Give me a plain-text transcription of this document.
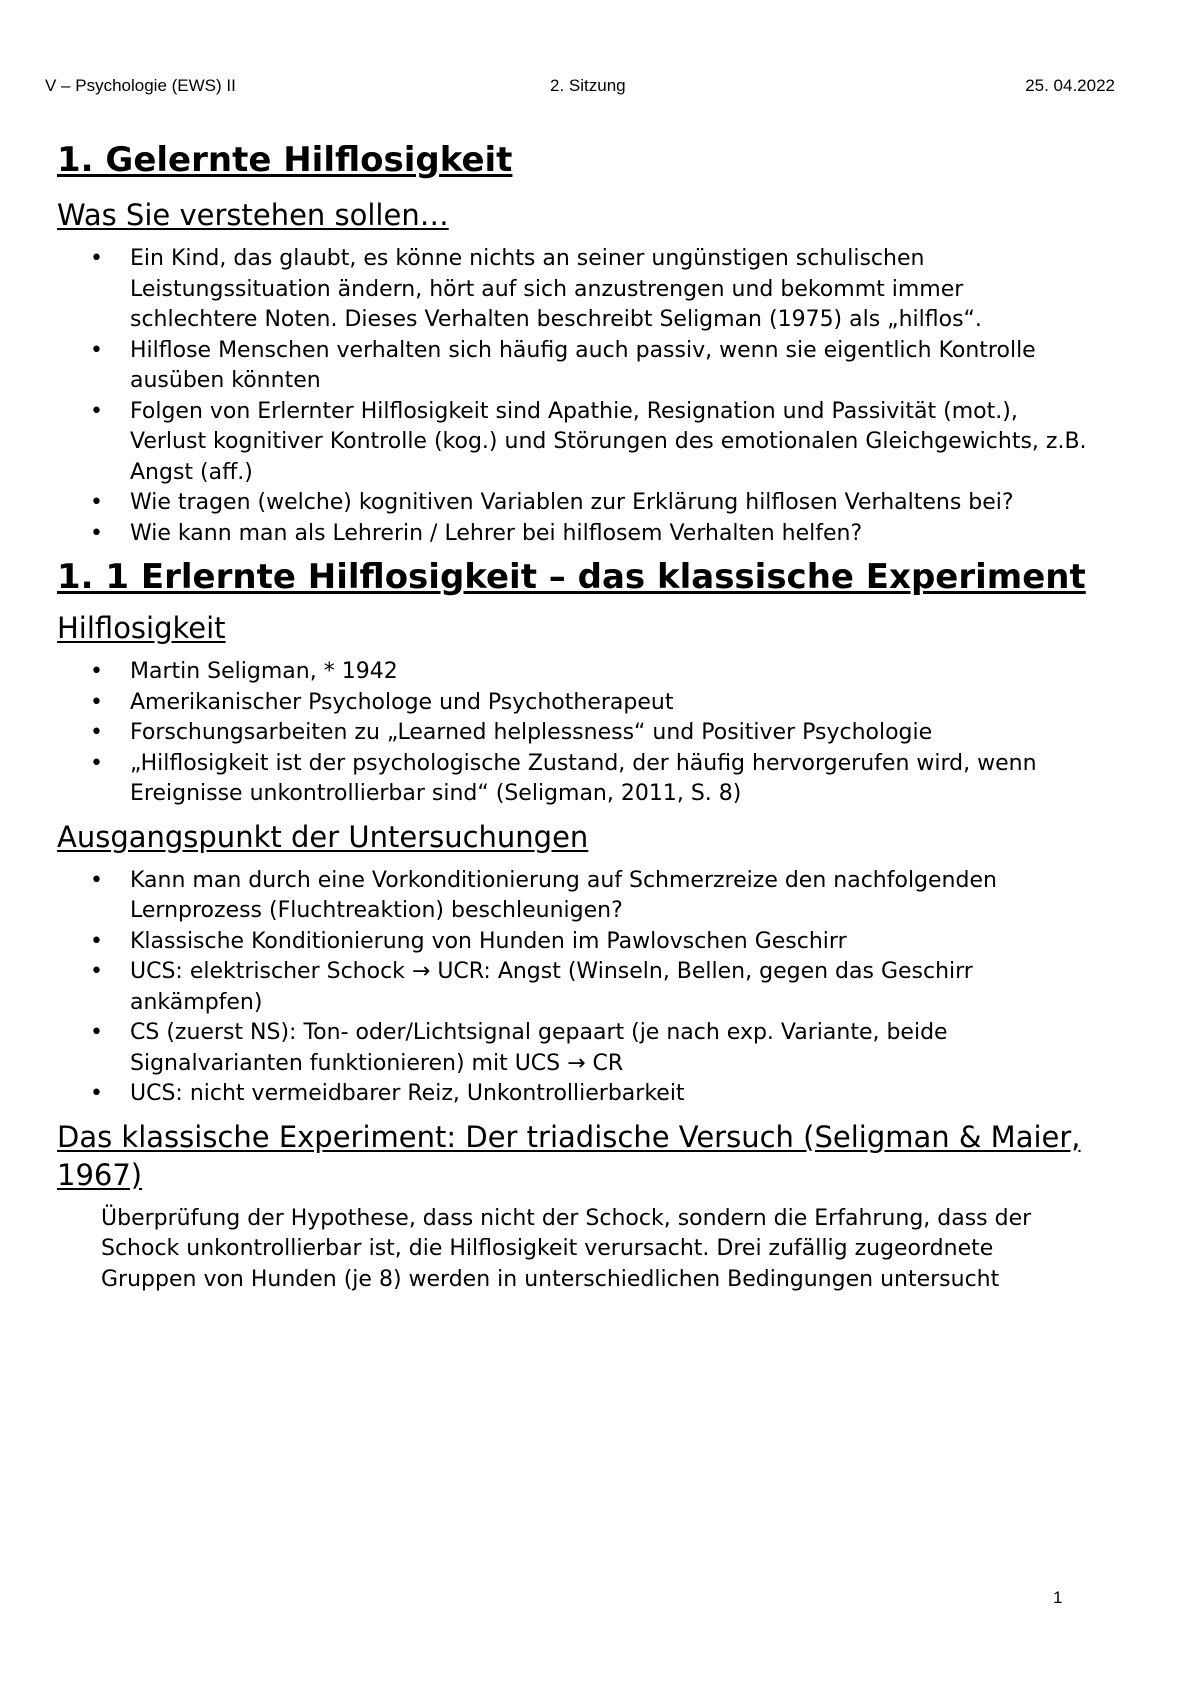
V – Psychologie (EWS) II	2. Sitzung	25. 04.2022
1. Gelernte Hilflosigkeit
Was Sie verstehen sollen…
• Ein Kind, das glaubt, es könne nichts an seiner ungünstigen schulischen Leistungssituation ändern, hört auf sich anzustrengen und bekommt immer schlechtere Noten. Dieses Verhalten beschreibt Seligman (1975) als „hilflos“.
• Hilflose Menschen verhalten sich häufig auch passiv, wenn sie eigentlich Kontrolle ausüben könnten
• Folgen von Erlernter Hilflosigkeit sind Apathie, Resignation und Passivität (mot.), Verlust kognitiver Kontrolle (kog.) und Störungen des emotionalen Gleichgewichts, z.B. Angst (aff.)
• Wie tragen (welche) kognitiven Variablen zur Erklärung hilflosen Verhaltens bei?
• Wie kann man als Lehrerin / Lehrer bei hilflosem Verhalten helfen?
1. 1 Erlernte Hilflosigkeit – das klassische Experiment
Hilflosigkeit
• Martin Seligman, * 1942
• Amerikanischer Psychologe und Psychotherapeut
• Forschungsarbeiten zu „Learned helplessness“ und Positiver Psychologie
• „Hilflosigkeit ist der psychologische Zustand, der häufig hervorgerufen wird, wenn Ereignisse unkontrollierbar sind“ (Seligman, 2011, S. 8)
Ausgangspunkt der Untersuchungen
• Kann man durch eine Vorkonditionierung auf Schmerzreize den nachfolgenden Lernprozess (Fluchtreaktion) beschleunigen?
• Klassische Konditionierung von Hunden im Pawlovschen Geschirr
• UCS: elektrischer Schock → UCR: Angst (Winseln, Bellen, gegen das Geschirr ankämpfen)
• CS (zuerst NS): Ton- oder/Lichtsignal gepaart (je nach exp. Variante, beide Signalvarianten funktionieren) mit UCS → CR
• UCS: nicht vermeidbarer Reiz, Unkontrollierbarkeit
Das klassische Experiment: Der triadische Versuch (Seligman & Maier, 1967)

Überprüfung der Hypothese, dass nicht der Schock, sondern die Erfahrung, dass der Schock unkontrollierbar ist, die Hilflosigkeit verursacht. Drei zufällig zugeordnete Gruppen von Hunden (je 8) werden in unterschiedlichen Bedingungen untersucht

1
